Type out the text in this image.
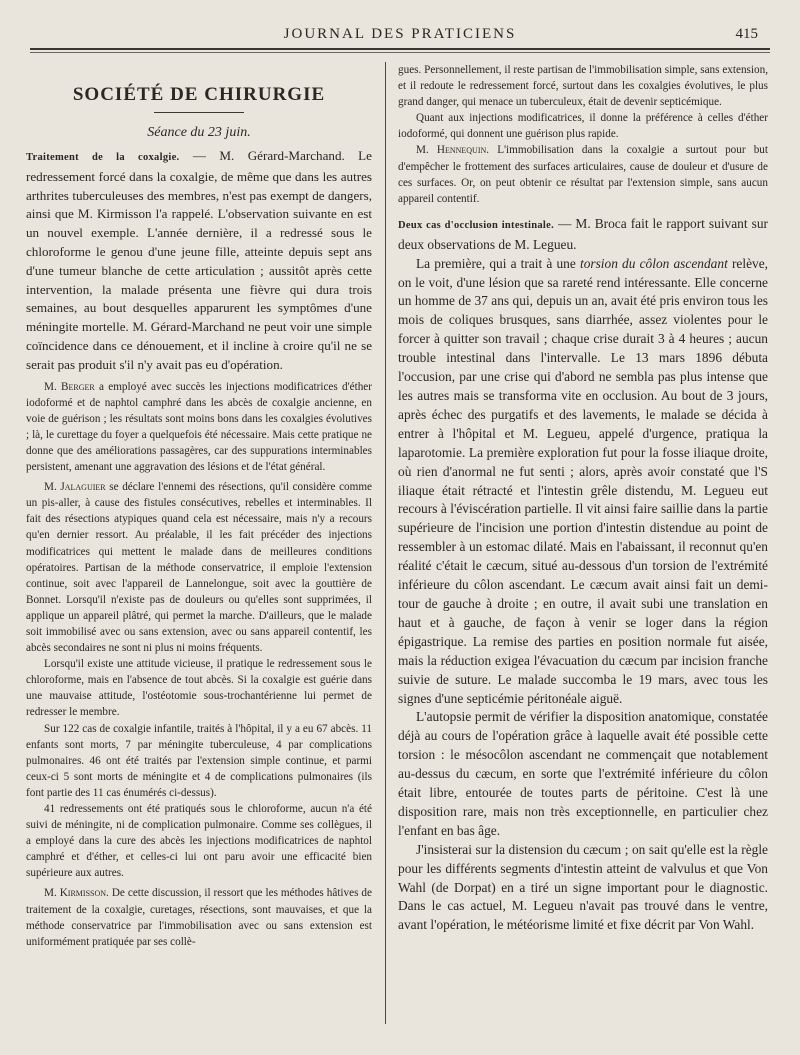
JOURNAL DES PRATICIENS	415
SOCIÉTÉ DE CHIRURGIE
Séance du 23 juin.

Traitement de la coxalgie. — M. Gérard-Marchand. Le redressement forcé dans la coxalgie, de même que dans les autres arthrites tuberculeuses des membres, n'est pas exempt de dangers, ainsi que M. Kirmisson l'a rappelé. L'observation suivante en est un nouvel exemple. L'année dernière, il a redressé sous le chloroforme le genou d'une jeune fille, atteinte depuis sept ans d'une tumeur blanche de cette articulation ; aussitôt après cette intervention, la malade présenta une fièvre qui dura trois semaines, au bout desquelles apparurent les symptômes d'une méningite mortelle. M. Gérard-Marchand ne peut voir une simple coïncidence dans ce dénouement, et il incline à croire qu'il ne se serait pas produit s'il n'y avait pas eu d'opération.

M. Berger a employé avec succès les injections modificatrices d'éther iodoformé et de naphtol camphré dans les abcès de coxalgie ancienne, en voie de guérison ; les résultats sont moins bons dans les coxalgies évolutives ; là, le curettage du foyer a quelquefois été nécessaire. Mais cette pratique ne donne que des améliorations passagères, car des suppurations interminables persistent, amenant une aggravation des lésions et de l'état général.

M. Jalaguier se déclare l'ennemi des résections, qu'il considère comme un pis-aller, à cause des fistules consécutives, rebelles et interminables. Il fait des résections atypiques quand cela est nécessaire, mais n'y a recours qu'en dernier ressort. Au préalable, il les fait précéder des injections modificatrices qui mettent le malade dans de meilleures conditions opératoires. Partisan de la méthode conservatrice, il emploie l'extension continue, soit avec l'appareil de Lannelongue, soit avec la gouttière de Bonnet. Lorsqu'il n'existe pas de douleurs ou qu'elles sont supprimées, il applique un appareil plâtré, qui permet la marche. D'ailleurs, que le malade soit immobilisé avec ou sans extension, avec ou sans appareil contentif, les abcès secondaires ne sont ni plus ni moins fréquents.

Lorsqu'il existe une attitude vicieuse, il pratique le redressement sous le chloroforme, mais en l'absence de tout abcès. Si la coxalgie est guérie dans une mauvaise attitude, l'ostéotomie sous-trochantérienne lui permet de redresser le membre.

Sur 122 cas de coxalgie infantile, traités à l'hôpital, il y a eu 67 abcès. 11 enfants sont morts, 7 par méningite tuberculeuse, 4 par complications pulmonaires. 46 ont été traités par l'extension simple continue, et parmi ceux-ci 5 sont morts de méningite et 4 de complications pulmonaires (ils font partie des 11 cas énumérés ci-dessus).

41 redressements ont été pratiqués sous le chloroforme, aucun n'a été suivi de méningite, ni de complication pulmonaire. Comme ses collègues, il a employé dans la cure des abcès les injections modificatrices de naphtol camphré et d'éther, et celles-ci lui ont paru avoir une efficacité bien supérieure aux autres.

M. Kirmisson. De cette discussion, il ressort que les méthodes hâtives de traitement de la coxalgie, curetages, résections, sont mauvaises, et que la méthode conservatrice par l'immobilisation avec ou sans extension est uniformément pratiquée par ses collè-

gues. Personnellement, il reste partisan de l'immobilisation simple, sans extension, et il redoute le redressement forcé, surtout dans les coxalgies évolutives, le plus grand danger, qui menace un tuberculeux, était de devenir septicémique.

Quant aux injections modificatrices, il donne la préférence à celles d'éther iodoformé, qui donnent une guérison plus rapide.

M. Hennequin. L'immobilisation dans la coxalgie a surtout pour but d'empêcher le frottement des surfaces articulaires, cause de douleur et d'usure de ces surfaces. Or, on peut obtenir ce résultat par l'extension simple, sans aucun appareil contentif.

Deux cas d'occlusion intestinale. — M. Broca fait le rapport suivant sur deux observations de M. Legueu.

La première, qui a trait à une torsion du côlon ascendant relève, on le voit, d'une lésion que sa rareté rend intéressante. Elle concerne un homme de 37 ans qui, depuis un an, avait été pris environ tous les mois de coliques brusques, sans diarrhée, assez violentes pour le forcer à quitter son travail ; chaque crise durait 3 à 4 heures ; aucun trouble intestinal dans l'intervalle. Le 13 mars 1896 débuta l'occusion, par une crise qui d'abord ne sembla pas plus intense que les autres mais se transforma vite en occlusion. Au bout de 3 jours, après échec des purgatifs et des lavements, le malade se décida à entrer à l'hôpital et M. Legueu, appelé d'urgence, pratiqua la laparotomie. La première exploration fut pour la fosse iliaque droite, où rien d'anormal ne fut senti ; alors, après avoir constaté que l'S iliaque était rétracté et l'intestin grêle distendu, M. Legueu eut recours à l'éviscération partielle. Il vit ainsi faire saillie dans la partie supérieure de l'incision une portion d'intestin distendue au point de ressembler à un estomac dilaté. Mais en l'abaissant, il reconnut qu'en réalité c'était le cæcum, situé au-dessous d'un torsion de l'extrémité inférieure du côlon ascendant. Le cæcum avait ainsi fait un demi-tour de gauche à droite ; en outre, il avait subi une translation en haut et à gauche, de façon à venir se loger dans la région épigastrique. La remise des parties en position normale fut aisée, mais la réduction exigea l'évacuation du cæcum par incision franche suivie de suture. Le malade succomba le 19 mars, avec tous les signes d'une septicémie péritonéale aiguë.

L'autopsie permit de vérifier la disposition anatomique, constatée déjà au cours de l'opération grâce à laquelle avait été possible cette torsion : le mésocôlon ascendant ne commençait que notablement au-dessus du cæcum, en sorte que l'extrémité inférieure du côlon était libre, entourée de toutes parts de péritoine. C'est là une disposition rare, mais non très exceptionnelle, en particulier chez l'enfant en bas âge.

J'insisterai sur la distension du cæcum ; on sait qu'elle est la règle pour les différents segments d'intestin atteint de valvulus et que Von Wahl (de Dorpat) en a tiré un signe important pour le diagnostic. Dans le cas actuel, M. Legueu n'avait pas trouvé dans le ventre, avant l'opération, le météorisme limité et fixe décrit par Von Wahl.
